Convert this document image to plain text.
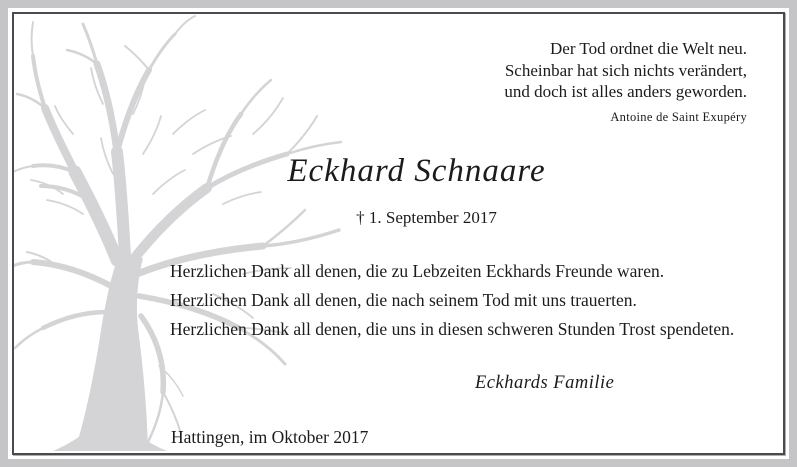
Der Tod ordnet die Welt neu.
Scheinbar hat sich nichts verändert,
und doch ist alles anders geworden.
Antoine de Saint Exupéry
Eckhard Schnaare
† 1. September 2017
Herzlichen Dank all denen, die zu Lebzeiten Eckhards Freunde waren.
Herzlichen Dank all denen, die nach seinem Tod mit uns trauerten.
Herzlichen Dank all denen, die uns in diesen schweren Stunden Trost spendeten.
Eckhards Familie
Hattingen, im Oktober 2017
